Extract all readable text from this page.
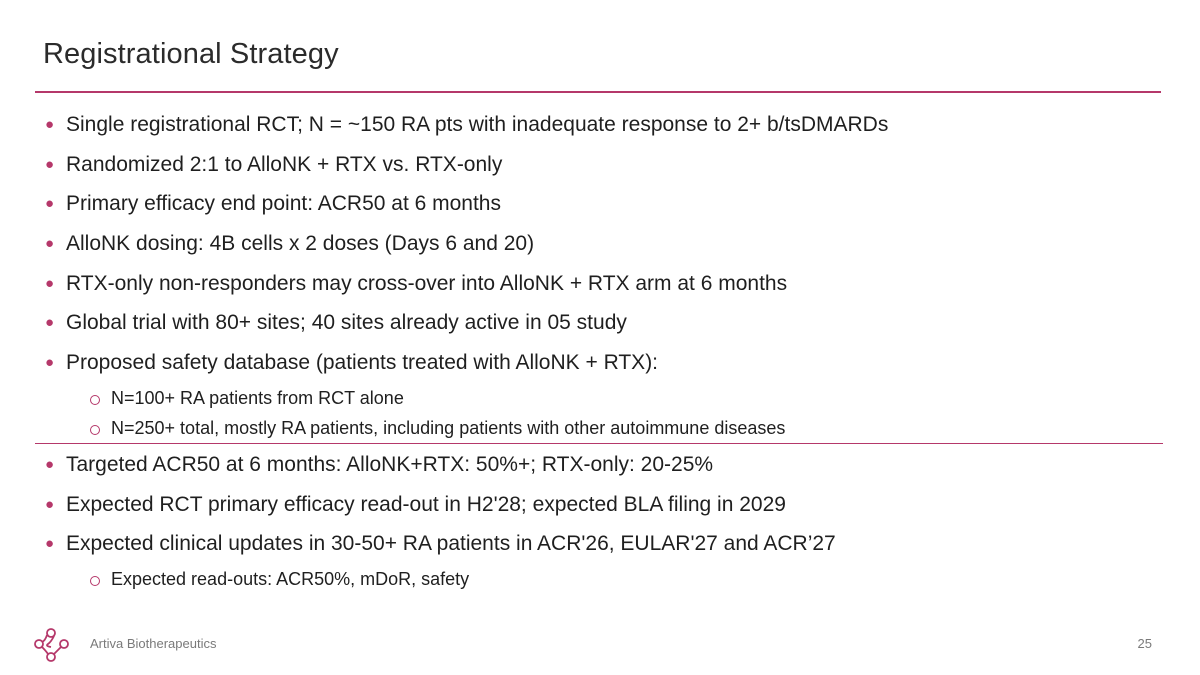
Registrational Strategy
● Single registrational RCT; N = ~150 RA pts with inadequate response to 2+ b/tsDMARDs
● Randomized 2:1 to AlloNK + RTX vs. RTX-only
● Primary efficacy end point: ACR50 at 6 months
● AlloNK dosing: 4B cells x 2 doses (Days 6 and 20)
● RTX-only non-responders may cross-over into AlloNK + RTX arm at 6 months
● Global trial with 80+ sites; 40 sites already active in 05 study
● Proposed safety database (patients treated with AlloNK + RTX):
N=100+ RA patients from RCT alone
N=250+ total, mostly RA patients, including patients with other autoimmune diseases
● Targeted ACR50 at 6 months: AlloNK+RTX: 50%+; RTX-only: 20-25%
● Expected RCT primary efficacy read-out in H2'28; expected BLA filing in 2029
● Expected clinical updates in 30-50+ RA patients in ACR'26, EULAR'27 and ACR’27
Expected read-outs: ACR50%, mDoR, safety
Artiva Biotherapeutics	25
